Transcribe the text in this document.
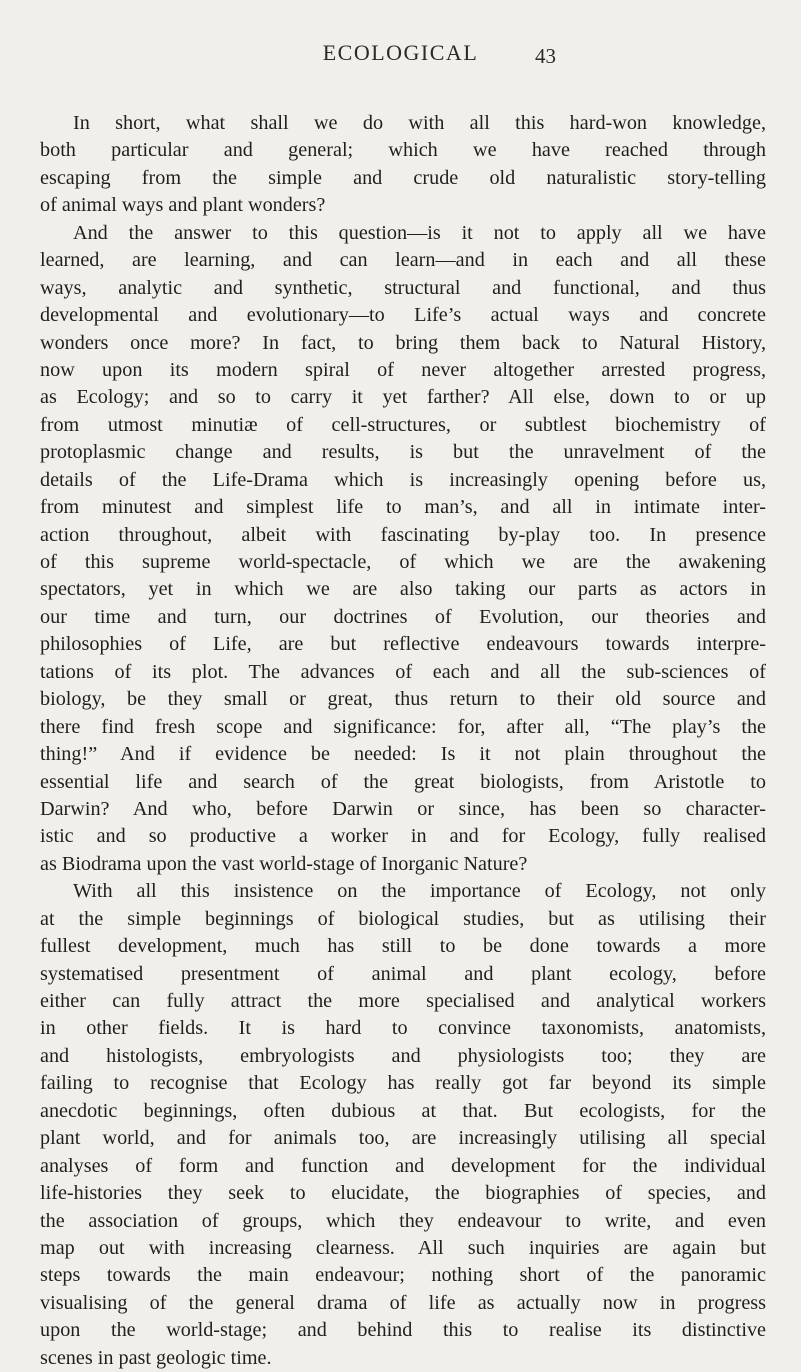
ECOLOGICAL	43
In short, what shall we do with all this hard-won knowledge,
both particular and general; which we have reached through
escaping from the simple and crude old naturalistic story-telling
of animal ways and plant wonders?
And the answer to this question—is it not to apply all we have
learned, are learning, and can learn—and in each and all these
ways, analytic and synthetic, structural and functional, and thus
developmental and evolutionary—to Life’s actual ways and concrete
wonders once more? In fact, to bring them back to Natural History,
now upon its modern spiral of never altogether arrested progress,
as Ecology; and so to carry it yet farther? All else, down to or up
from utmost minutiæ of cell-structures, or subtlest biochemistry of
protoplasmic change and results, is but the unravelment of the
details of the Life-Drama which is increasingly opening before us,
from minutest and simplest life to man’s, and all in intimate inter-
action throughout, albeit with fascinating by-play too. In presence
of this supreme world-spectacle, of which we are the awakening
spectators, yet in which we are also taking our parts as actors in
our time and turn, our doctrines of Evolution, our theories and
philosophies of Life, are but reflective endeavours towards interpre-
tations of its plot. The advances of each and all the sub-sciences of
biology, be they small or great, thus return to their old source and
there find fresh scope and significance: for, after all, “The play’s the
thing!” And if evidence be needed: Is it not plain throughout the
essential life and search of the great biologists, from Aristotle to
Darwin? And who, before Darwin or since, has been so character-
istic and so productive a worker in and for Ecology, fully realised
as Biodrama upon the vast world-stage of Inorganic Nature?
With all this insistence on the importance of Ecology, not only
at the simple beginnings of biological studies, but as utilising their
fullest development, much has still to be done towards a more
systematised presentment of animal and plant ecology, before
either can fully attract the more specialised and analytical workers
in other fields. It is hard to convince taxonomists, anatomists,
and histologists, embryologists and physiologists too; they are
failing to recognise that Ecology has really got far beyond its simple
anecdotic beginnings, often dubious at that. But ecologists, for the
plant world, and for animals too, are increasingly utilising all special
analyses of form and function and development for the individual
life-histories they seek to elucidate, the biographies of species, and
the association of groups, which they endeavour to write, and even
map out with increasing clearness. All such inquiries are again but
steps towards the main endeavour; nothing short of the panoramic
visualising of the general drama of life as actually now in progress
upon the world-stage; and behind this to realise its distinctive
scenes in past geologic time.
